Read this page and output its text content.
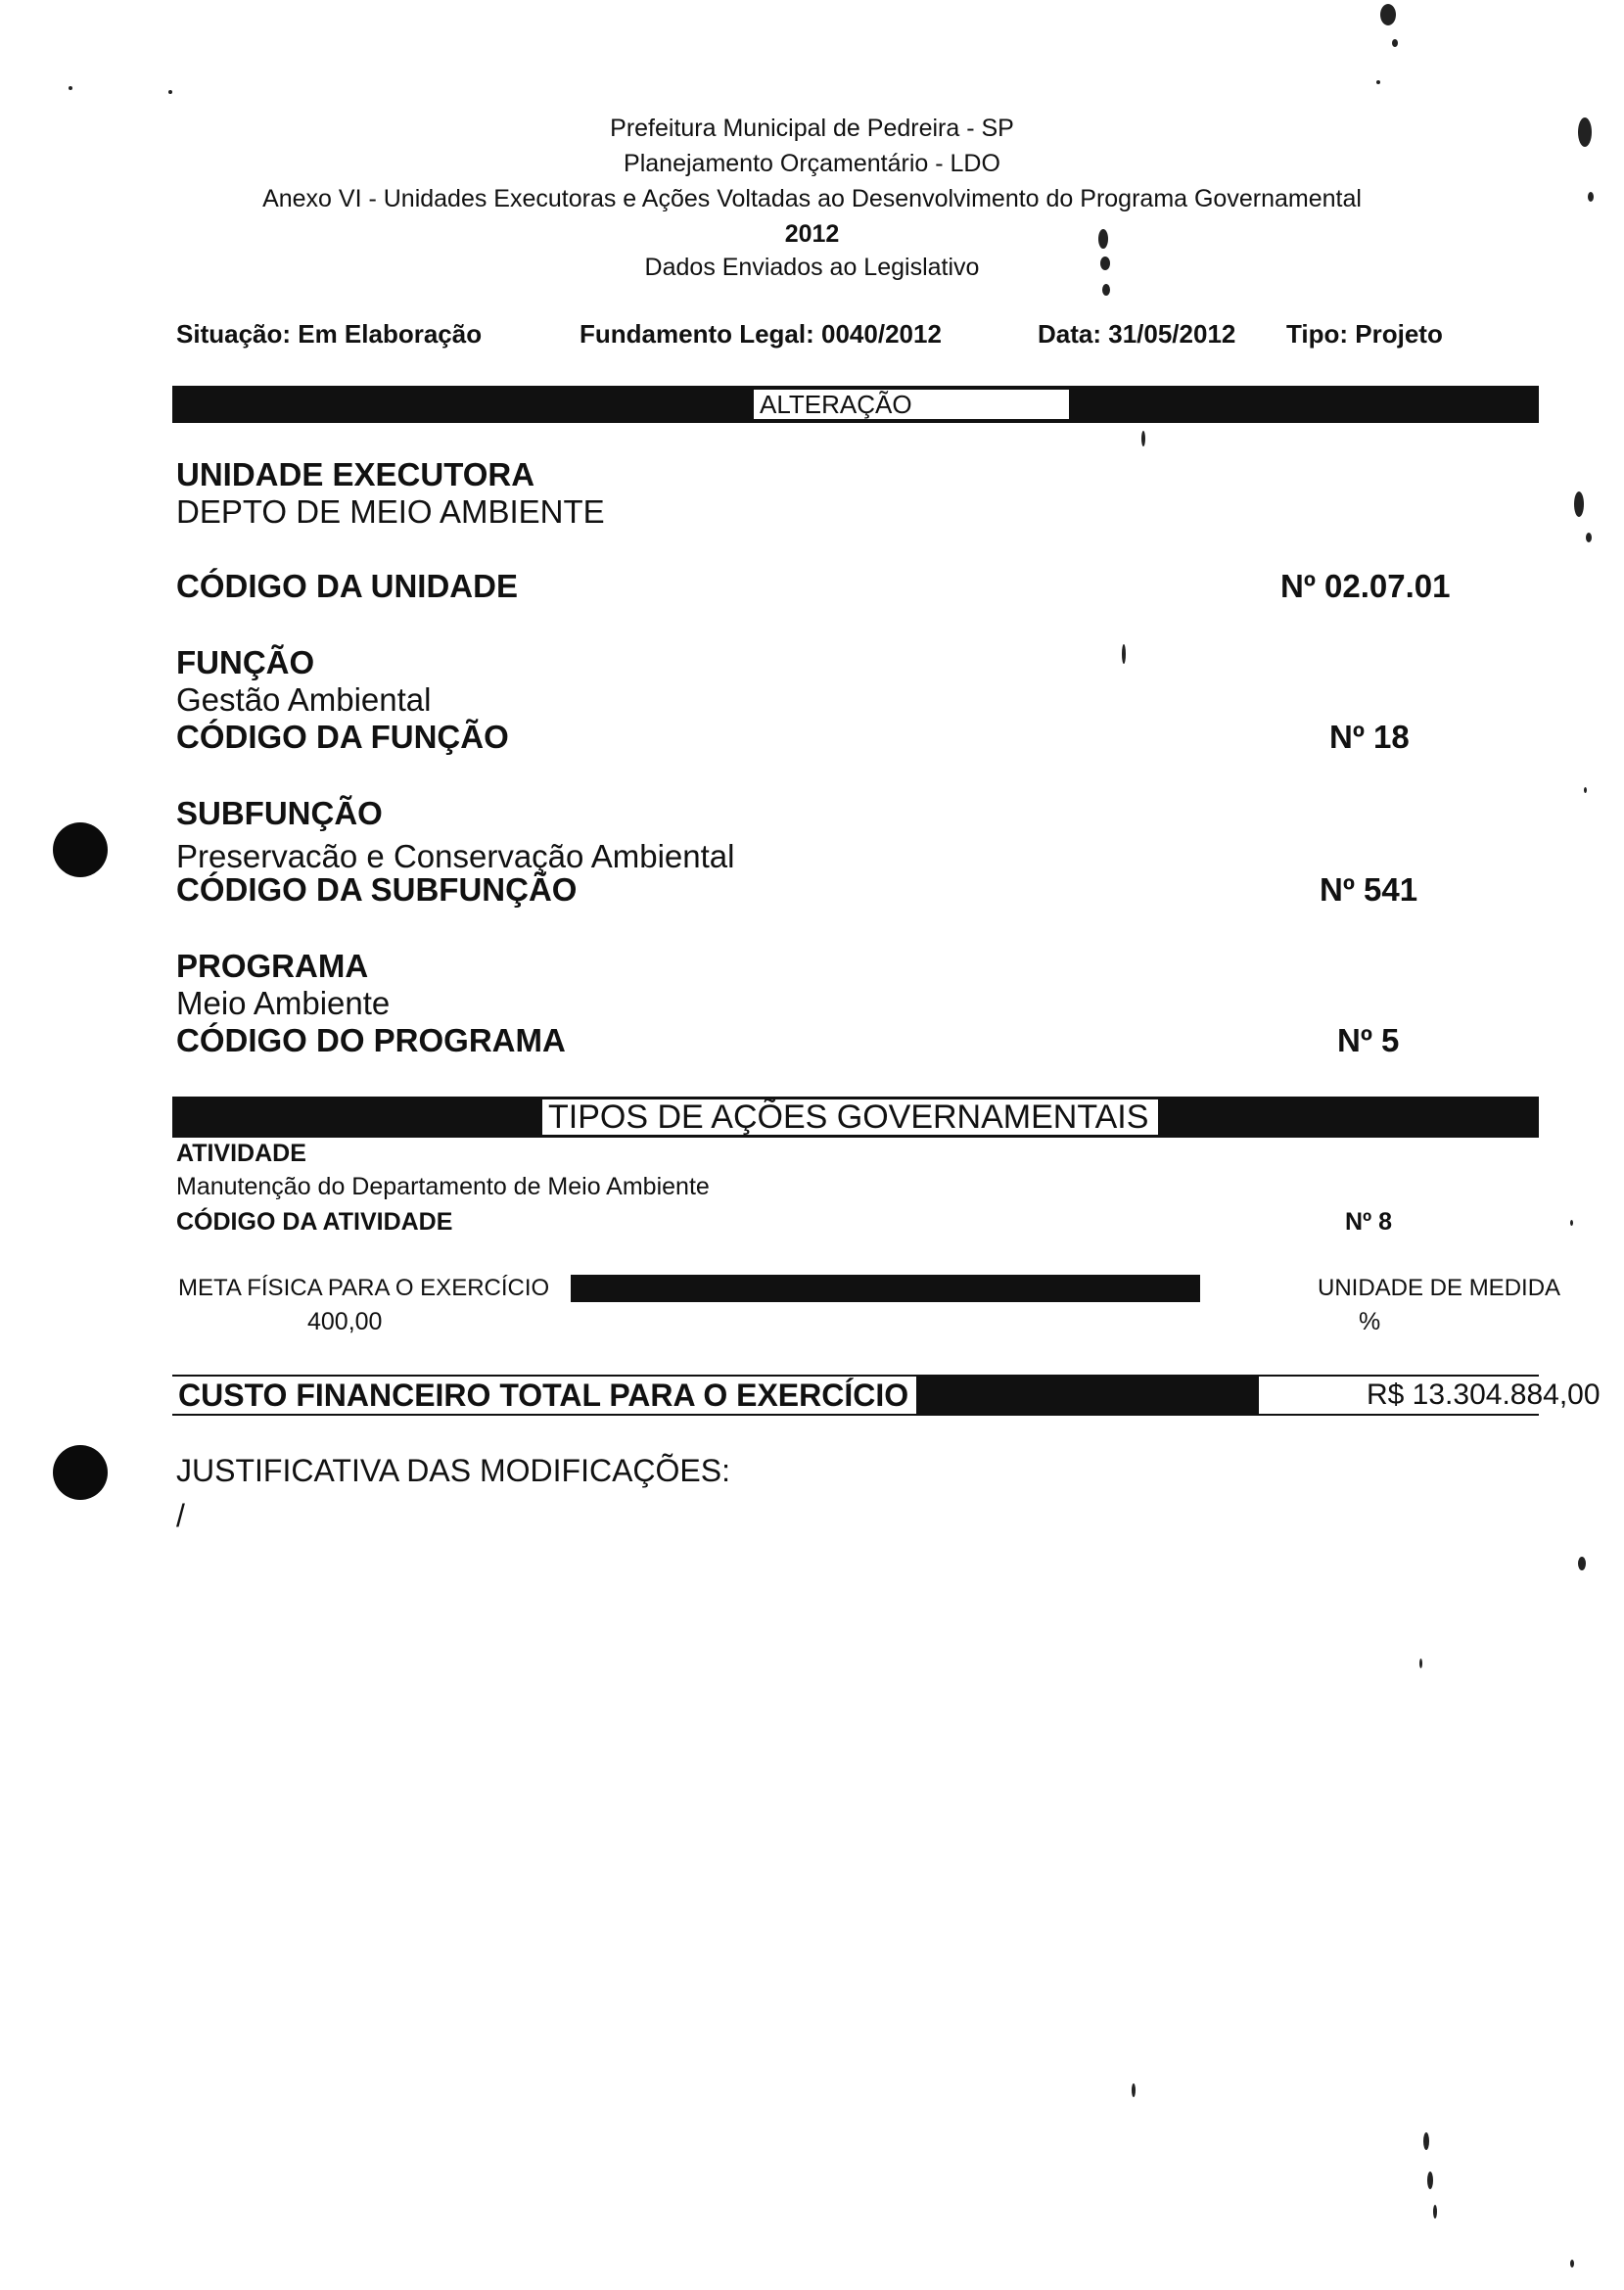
Prefeitura Municipal de Pedreira - SP
Planejamento Orçamentário - LDO
Anexo VI - Unidades Executoras e Ações Voltadas ao Desenvolvimento do Programa Governamental
2012
Dados Enviados ao Legislativo
Situação: Em Elaboração	Fundamento Legal: 0040/2012	Data: 31/05/2012 Tipo: Projeto
ALTERAÇÃO
UNIDADE EXECUTORA
DEPTO DE MEIO AMBIENTE
CÓDIGO DA UNIDADE	Nº 02.07.01
FUNÇÃO
Gestão Ambiental
CÓDIGO DA FUNÇÃO	Nº 18
SUBFUNÇÃO
Preservacão e Conservação Ambiental
CÓDIGO DA SUBFUNÇÃO	Nº 541
PROGRAMA
Meio Ambiente
CÓDIGO DO PROGRAMA	Nº 5
TIPOS DE AÇÕES GOVERNAMENTAIS
ATIVIDADE
Manutenção do Departamento de Meio Ambiente
CÓDIGO DA ATIVIDADE	Nº 8
META FÍSICA PARA O EXERCÍCIO	UNIDADE DE MEDIDA
400,00	%
CUSTO FINANCEIRO TOTAL PARA O EXERCÍCIO	R$ 13.304.884,00
JUSTIFICATIVA DAS MODIFICAÇÕES:
/
